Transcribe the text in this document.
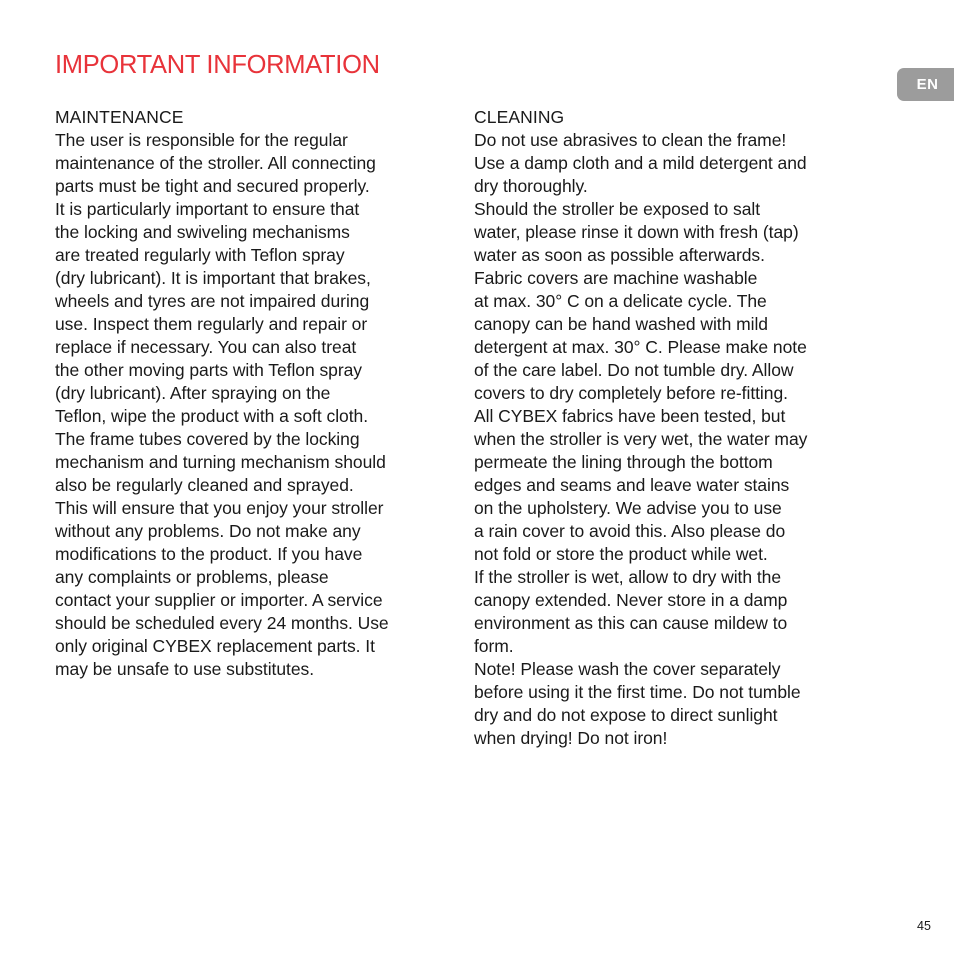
IMPORTANT INFORMATION
EN
MAINTENANCE
The user is responsible for the regular
maintenance of the stroller. All connecting
parts must be tight and secured properly.
It is particularly important to ensure that
the locking and swiveling mechanisms
are treated regularly with Teflon spray
(dry lubricant). It is important that brakes,
wheels and tyres are not impaired during
use. Inspect them regularly and repair or
replace if necessary. You can also treat
the other moving parts with Teflon spray
(dry lubricant). After spraying on the
Teflon, wipe the product with a soft cloth.
The frame tubes covered by the locking
mechanism and turning mechanism should
also be regularly cleaned and sprayed.
This will ensure that you enjoy your stroller
without any problems. Do not make any
modifications to the product. If you have
any complaints or problems, please
contact your supplier or importer. A service
should be scheduled every 24 months. Use
only original CYBEX replacement parts. It
may be unsafe to use substitutes.
CLEANING
Do not use abrasives to clean the frame!
Use a damp cloth and a mild detergent and
dry thoroughly.
Should the stroller be exposed to salt
water, please rinse it down with fresh (tap)
water as soon as possible afterwards.
Fabric covers are machine washable
at max. 30° C on a delicate cycle. The
canopy can be hand washed with mild
detergent at max. 30° C. Please make note
of the care label. Do not tumble dry. Allow
covers to dry completely before re-fitting.
All CYBEX fabrics have been tested, but
when the stroller is very wet, the water may
permeate the lining through the bottom
edges and seams and leave water stains
on the upholstery. We advise you to use
a rain cover to avoid this. Also please do
not fold or store the product while wet.
If the stroller is wet, allow to dry with the
canopy extended. Never store in a damp
environment as this can cause mildew to
form.
Note! Please wash the cover separately
before using it the first time. Do not tumble
dry and do not expose to direct sunlight
when drying! Do not iron!
45
